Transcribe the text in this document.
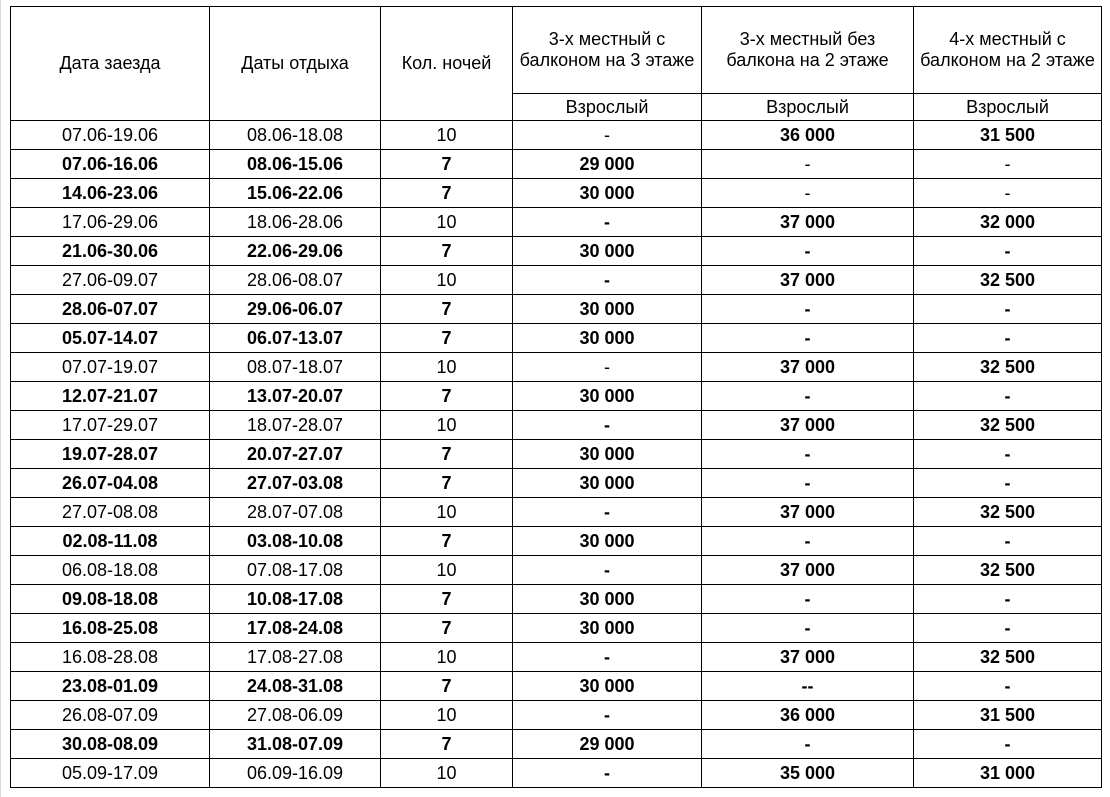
Дата заезда	Даты отдыха	Кол. ночей	3-х местный с балконом на 3 этаже	3-х местный без балкона на 2 этаже	4-х местный с балконом на 2 этаже

			Взрослый	Взрослый	Взрослый
07.06-19.06	08.06-18.08	10	-	36 000	31 500
07.06-16.06	08.06-15.06	7	29 000	-	-
14.06-23.06	15.06-22.06	7	30 000	-	-
17.06-29.06	18.06-28.06	10	-	37 000	32 000
21.06-30.06	22.06-29.06	7	30 000	-	-
27.06-09.07	28.06-08.07	10	-	37 000	32 500
28.06-07.07	29.06-06.07	7	30 000	-	-
05.07-14.07	06.07-13.07	7	30 000	-	-
07.07-19.07	08.07-18.07	10	-	37 000	32 500
12.07-21.07	13.07-20.07	7	30 000	-	-
17.07-29.07	18.07-28.07	10	-	37 000	32 500
19.07-28.07	20.07-27.07	7	30 000	-	-
26.07-04.08	27.07-03.08	7	30 000	-	-
27.07-08.08	28.07-07.08	10	-	37 000	32 500
02.08-11.08	03.08-10.08	7	30 000	-	-
06.08-18.08	07.08-17.08	10	-	37 000	32 500
09.08-18.08	10.08-17.08	7	30 000	-	-
16.08-25.08	17.08-24.08	7	30 000	-	-
16.08-28.08	17.08-27.08	10	-	37 000	32 500
23.08-01.09	24.08-31.08	7	30 000	--	-
26.08-07.09	27.08-06.09	10	-	36 000	31 500
30.08-08.09	31.08-07.09	7	29 000	-	-
05.09-17.09	06.09-16.09	10	-	35 000	31 000
